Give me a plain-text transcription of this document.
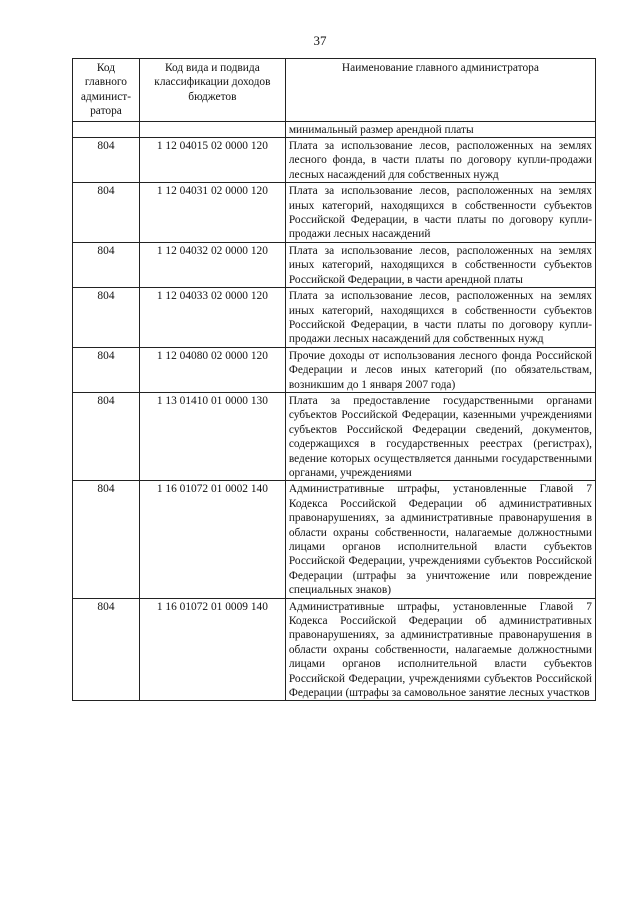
37
Код главного админист-ратора	Код вида и подвида классификации доходов бюджетов	Наименование главного администратора
		минимальный размер арендной платы
804	1 12 04015 02 0000 120	Плата за использование лесов, расположенных на землях лесного фонда, в части платы по договору купли-продажи лесных насаждений для собственных нужд
804	1 12 04031 02 0000 120	Плата за использование лесов, расположенных на землях иных категорий, находящихся в собственности субъектов Российской Федерации, в части платы по договору купли-продажи лесных насаждений
804	1 12 04032 02 0000 120	Плата за использование лесов, расположенных на землях иных категорий, находящихся в собственности субъектов Российской Федерации, в части арендной платы
804	1 12 04033 02 0000 120	Плата за использование лесов, расположенных на землях иных категорий, находящихся в собственности субъектов Российской Федерации, в части платы по договору купли-продажи лесных насаждений для собственных нужд
804	1 12 04080 02 0000 120	Прочие доходы от использования лесного фонда Российской Федерации и лесов иных категорий (по обязательствам, возникшим до 1 января 2007 года)
804	1 13 01410 01 0000 130	Плата за предоставление государственными органами субъектов Российской Федерации, казенными учреждениями субъектов Российской Федерации сведений, документов, содержащихся в государственных реестрах (регистрах), ведение которых осуществляется данными государственными органами, учреждениями
804	1 16 01072 01 0002 140	Административные штрафы, установленные Главой 7 Кодекса Российской Федерации об административных правонарушениях, за административные правонарушения в области охраны собственности, налагаемые должностными лицами органов исполнительной власти субъектов Российской Федерации, учреждениями субъектов Российской Федерации (штрафы за уничтожение или повреждение специальных знаков)
804	1 16 01072 01 0009 140	Административные штрафы, установленные Главой 7 Кодекса Российской Федерации об административных правонарушениях, за административные правонарушения в области охраны собственности, налагаемые должностными лицами органов исполнительной власти субъектов Российской Федерации, учреждениями субъектов Российской Федерации (штрафы за самовольное занятие лесных участков
